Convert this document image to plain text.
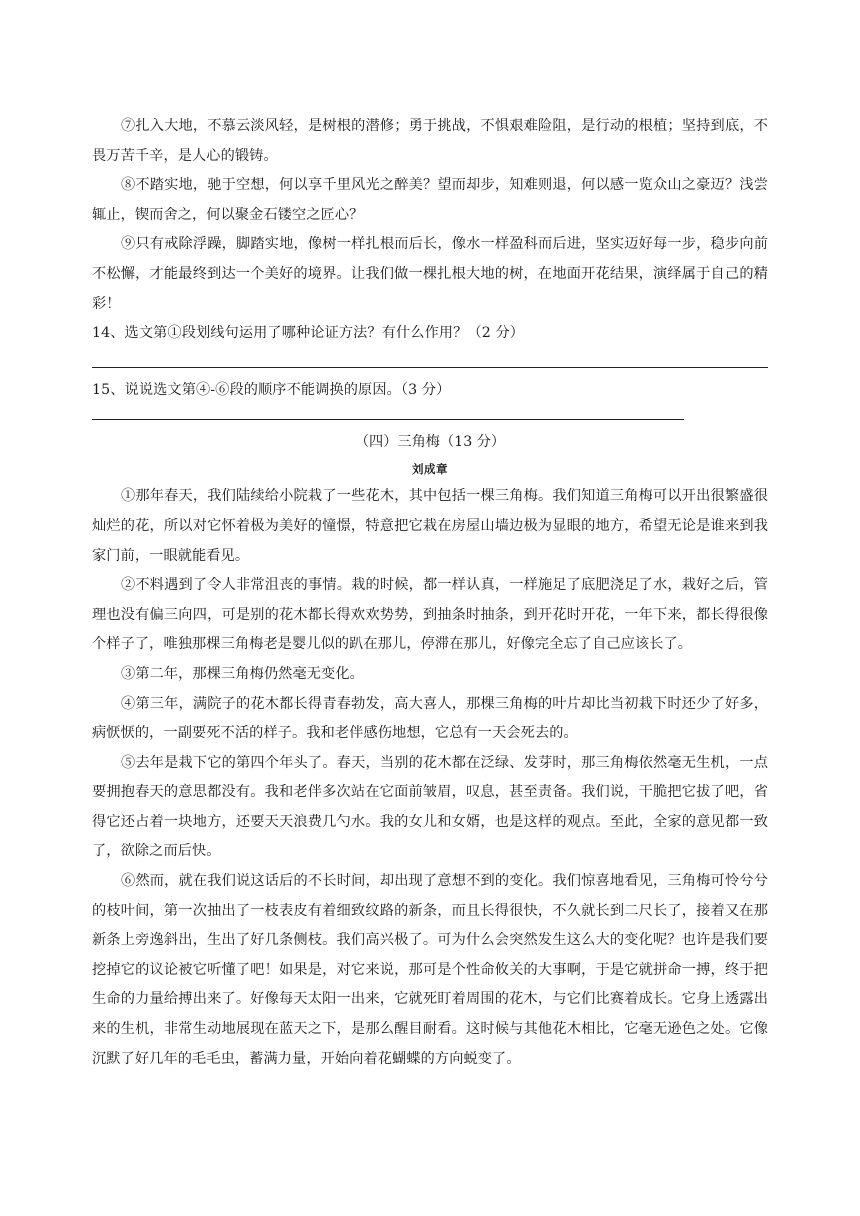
⑦扎入大地，不慕云淡风轻，是树根的潜修；勇于挑战，不惧艰难险阻，是行动的根植；坚持到底，不畏万苦千辛，是人心的锻铸。

⑧不踏实地，驰于空想，何以享千里风光之醉美？望而却步，知难则退，何以感一览众山之豪迈？浅尝辄止，锲而舍之，何以聚金石镂空之匠心？

⑨只有戒除浮躁，脚踏实地，像树一样扎根而后长，像水一样盈科而后进，坚实迈好每一步，稳步向前不松懈，才能最终到达一个美好的境界。让我们做一棵扎根大地的树，在地面开花结果，演绎属于自己的精彩！

14、选文第①段划线句运用了哪种论证方法？有什么作用？（2 分）

15、说说选文第④-⑥段的顺序不能调换的原因。（3 分）

（四）三角梅（13 分）
刘成章

①那年春天，我们陆续给小院栽了一些花木，其中包括一棵三角梅。我们知道三角梅可以开出很繁盛很灿烂的花，所以对它怀着极为美好的憧憬，特意把它栽在房屋山墙边极为显眼的地方，希望无论是谁来到我家门前，一眼就能看见。

②不料遇到了令人非常沮丧的事情。栽的时候，都一样认真，一样施足了底肥浇足了水，栽好之后，管理也没有偏三向四，可是别的花木都长得欢欢势势，到抽条时抽条，到开花时开花，一年下来，都长得很像个样子了，唯独那棵三角梅老是婴儿似的趴在那儿，停滞在那儿，好像完全忘了自己应该长了。

③第二年，那棵三角梅仍然毫无变化。

④第三年，满院子的花木都长得青春勃发，高大喜人，那棵三角梅的叶片却比当初栽下时还少了好多，病恹恹的，一副要死不活的样子。我和老伴感伤地想，它总有一天会死去的。

⑤去年是栽下它的第四个年头了。春天，当别的花木都在泛绿、发芽时，那三角梅依然毫无生机，一点要拥抱春天的意思都没有。我和老伴多次站在它面前皱眉，叹息，甚至责备。我们说，干脆把它拔了吧，省得它还占着一块地方，还要天天浪费几勺水。我的女儿和女婿，也是这样的观点。至此，全家的意见都一致了，欲除之而后快。

⑥然而，就在我们说这话后的不长时间，却出现了意想不到的变化。我们惊喜地看见，三角梅可怜兮兮的枝叶间，第一次抽出了一枝表皮有着细致纹路的新条，而且长得很快，不久就长到二尺长了，接着又在那新条上旁逸斜出，生出了好几条侧枝。我们高兴极了。可为什么会突然发生这么大的变化呢？也许是我们要挖掉它的议论被它听懂了吧！如果是，对它来说，那可是个性命攸关的大事啊，于是它就拼命一搏，终于把生命的力量给搏出来了。好像每天太阳一出来，它就死盯着周围的花木，与它们比赛着成长。它身上透露出来的生机，非常生动地展现在蓝天之下，是那么醒目耐看。这时候与其他花木相比，它毫无逊色之处。它像沉默了好几年的毛毛虫，蓄满力量，开始向着花蝴蝶的方向蜕变了。
